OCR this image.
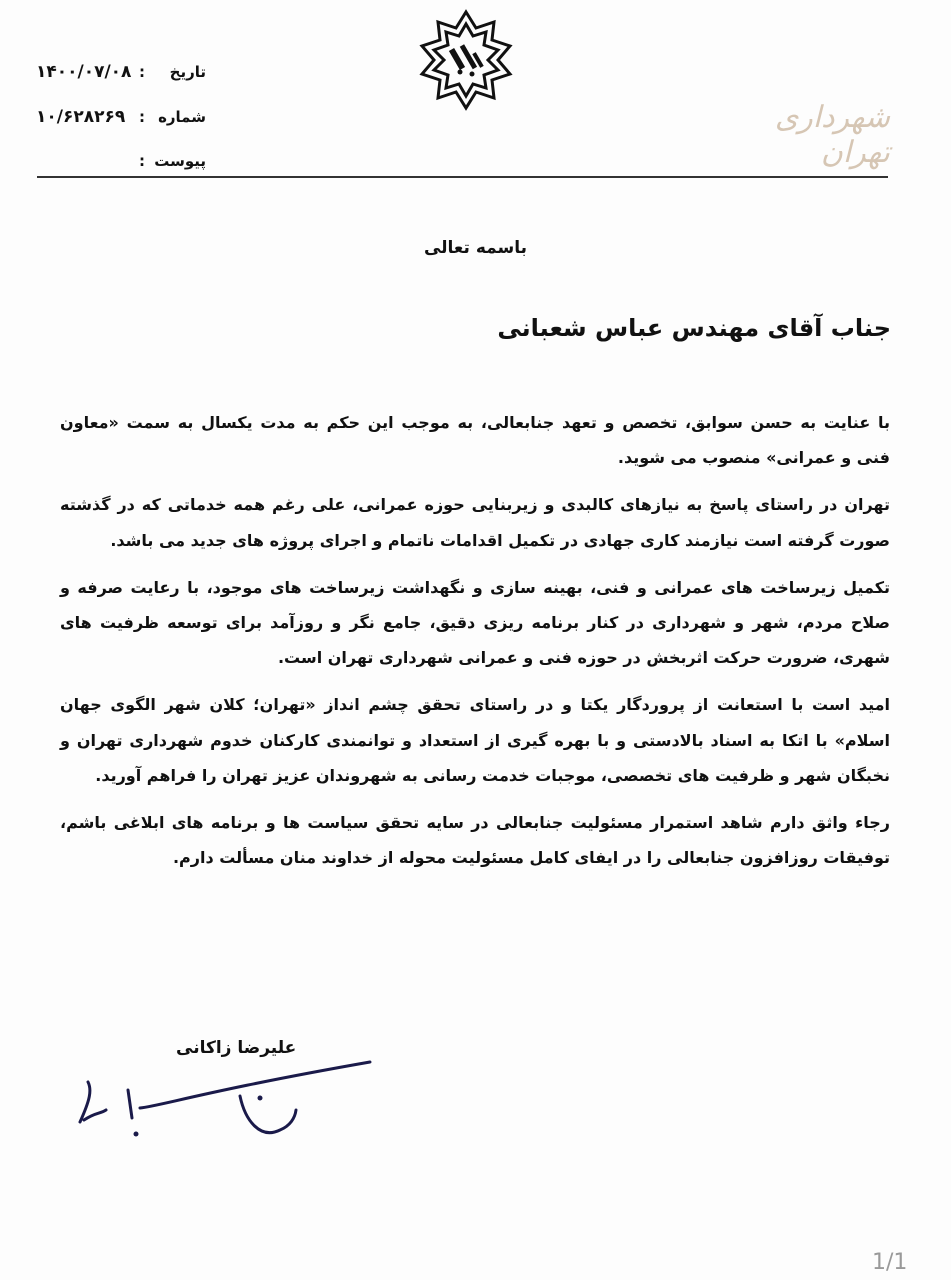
تاریخ
:
۱۴۰۰/۰۷/۰۸
شماره
:
۱۰/۶۲۸۲۶۹
پیوست
:
شهرداری تهران
باسمه تعالی
جناب آقای مهندس عباس شعبانی

با عنایت به حسن سوابق، تخصص و تعهد جنابعالی، به موجب این حکم به مدت یکسال به سمت «معاون فنی و عمرانی» منصوب می شوید.

تهران در راستای پاسخ به نیازهای کالبدی و زیربنایی حوزه عمرانی، علی رغم همه خدماتی که در گذشته صورت گرفته است نیازمند کاری جهادی در تکمیل اقدامات ناتمام و اجرای پروژه های جدید می باشد.

تکمیل زیرساخت های عمرانی و فنی، بهینه سازی و نگهداشت زیرساخت های موجود، با رعایت صرفه و صلاح مردم، شهر و شهرداری در کنار برنامه ریزی دقیق، جامع نگر و روزآمد برای توسعه ظرفیت های شهری، ضرورت حرکت اثربخش در حوزه فنی و عمرانی شهرداری تهران است.

امید است با استعانت از پروردگار یکتا و در راستای تحقق چشم انداز «تهران؛ کلان شهر الگوی جهان اسلام» با اتکا به اسناد بالادستی و با بهره گیری از استعداد و توانمندی کارکنان خدوم شهرداری تهران و نخبگان شهر و ظرفیت های تخصصی، موجبات خدمت رسانی به شهروندان عزیز تهران را فراهم آورید.

رجاء واثق دارم شاهد استمرار مسئولیت جنابعالی در سایه تحقق سیاست ها و برنامه های ابلاغی باشم، توفیقات روزافزون جنابعالی را در ایفای کامل مسئولیت محوله از خداوند منان مسألت دارم.

علیرضا زاکانی
1/1
